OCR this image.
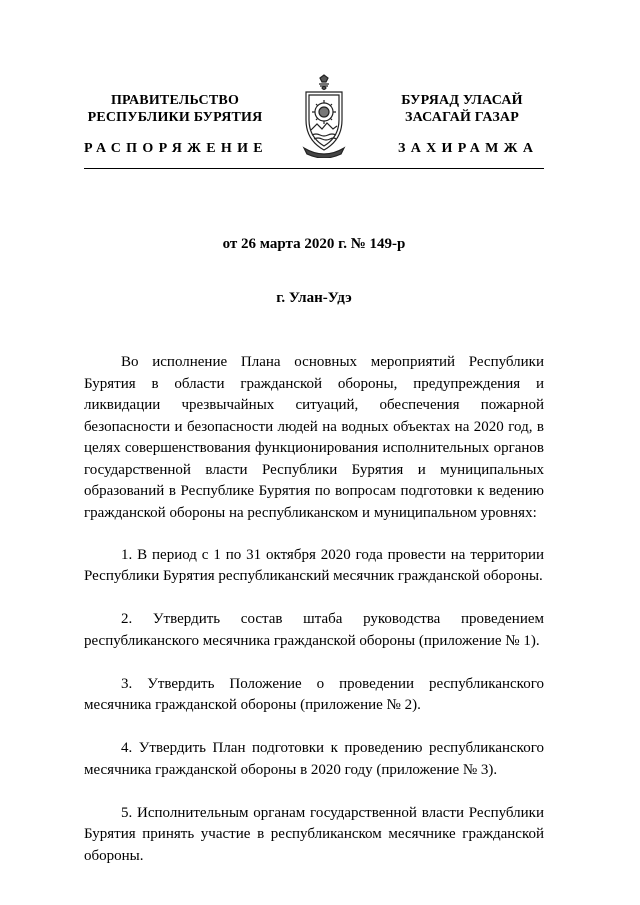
ПРАВИТЕЛЬСТВО
РЕСПУБЛИКИ БУРЯТИЯ
БУРЯАД УЛАСАЙ
ЗАСАГАЙ ГАЗАР
РАСПОРЯЖЕНИЕ	ЗАХИРАМЖА
от 26 марта 2020 г. № 149-р
г. Улан-Удэ

Во исполнение Плана основных мероприятий Республики Бурятия в области гражданской обороны, предупреждения и ликвидации чрезвычайных ситуаций, обеспечения пожарной безопасности и безопасности людей на водных объектах на 2020 год, в целях совершенствования функционирования исполнительных органов государственной власти Республики Бурятия и муниципальных образований в Республике Бурятия по вопросам подготовки к ведению гражданской обороны на республиканском и муниципальном уровнях:

1. В период с 1 по 31 октября 2020 года провести на территории Республики Бурятия республиканский месячник гражданской обороны.

2. Утвердить состав штаба руководства проведением республиканского месячника гражданской обороны (приложение № 1).

3. Утвердить Положение о проведении республиканского месячника гражданской обороны (приложение № 2).

4. Утвердить План подготовки к проведению республиканского месячника гражданской обороны в 2020 году (приложение № 3).

5. Исполнительным органам государственной власти Республики Бурятия принять участие в республиканском месячнике гражданской обороны.
